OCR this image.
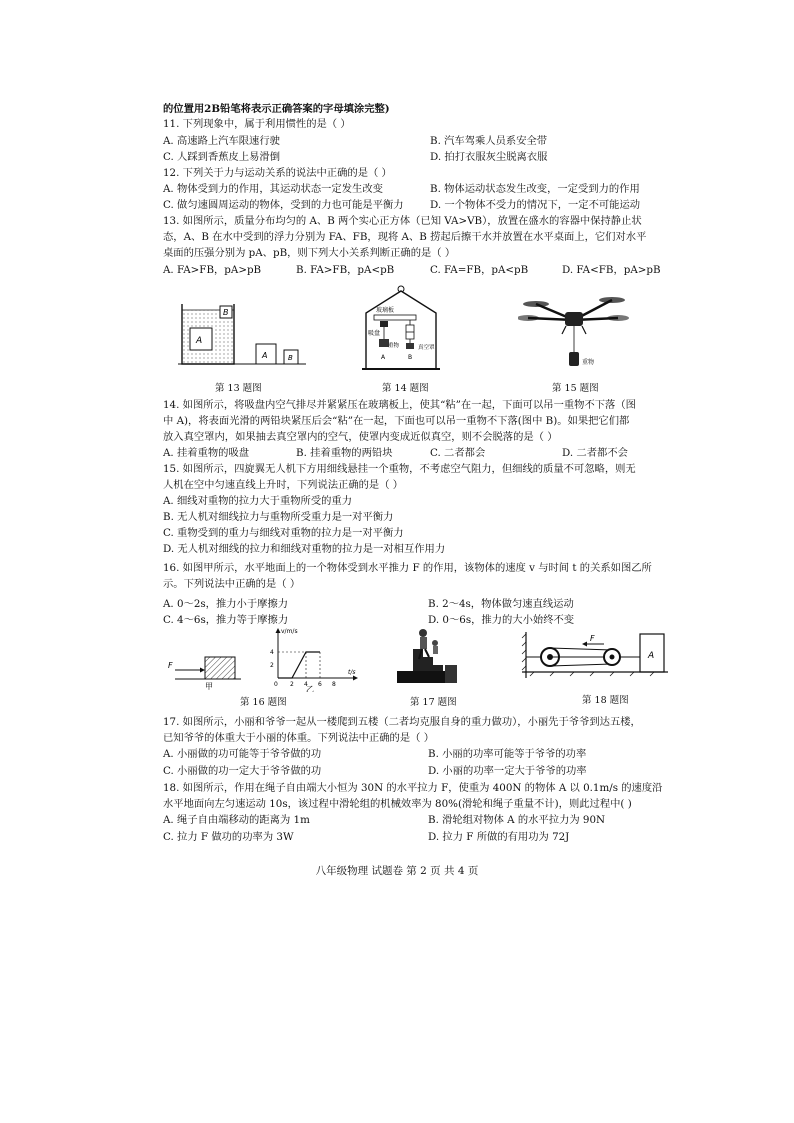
的位置用2B铅笔将表示正确答案的字母填涂完整)
11. 下列现象中，属于利用惯性的是（ ）
A. 高速路上汽车限速行驶	B. 汽车驾乘人员系安全带
C. 人踩到香蕉皮上易滑倒	D. 拍打衣服灰尘脱离衣服
12. 下列关于力与运动关系的说法中正确的是（ ）
A. 物体受到力的作用，其运动状态一定发生改变	B. 物体运动状态发生改变，一定受到力的作用
C. 做匀速圆周运动的物体，受到的力也可能是平衡力	D. 一个物体不受力的情况下，一定不可能运动
13. 如图所示，质量分布均匀的 A、B 两个实心正方体（已知 VA>VB），放置在盛水的容器中保持静止状
态，A、B 在水中受到的浮力分别为 FA、FB，现将 A、B 捞起后擦干水并放置在水平桌面上，它们对水平
桌面的压强分别为 pA、pB，则下列大小关系判断正确的是（ ）
A. FA>FB，pA>pB	B. FA>FB，pA<pB	C. FA=FB，pA<pB	D. FA<FB，pA>pB
A
B
A	B
第 13 题图
玻璃板
吸盘
重物
A	B
真空罩
第 14 题图
重物
第 15 题图
14. 如图所示，将吸盘内空气排尽并紧紧压在玻璃板上，使其“粘”在一起，下面可以吊一重物不下落（图
中 A)，将表面光滑的两铅块紧压后会“粘”在一起，下面也可以吊一重物不下落(图中 B)。如果把它们都
放入真空罩内，如果抽去真空罩内的空气，使罩内变成近似真空，则不会脱落的是（ ）
A. 挂着重物的吸盘	B. 挂着重物的两铅块	C. 二者都会	D. 二者都不会
15. 如图所示，四旋翼无人机下方用细线悬挂一个重物，不考虑空气阻力，但细线的质量不可忽略，则无
人机在空中匀速直线上升时，下列说法正确的是（ ）
A. 细线对重物的拉力大于重物所受的重力
B. 无人机对细线拉力与重物所受重力是一对平衡力
C. 重物受到的重力与细线对重物的拉力是一对平衡力
D. 无人机对细线的拉力和细线对重物的拉力是一对相互作用力
16. 如图甲所示，水平地面上的一个物体受到水平推力 F 的作用，该物体的速度 v 与时间 t 的关系如图乙所
示。下列说法中正确的是（ ）
A. 0～2s，推力小于摩擦力	B. 2～4s，物体做匀速直线运动
C. 4～6s，推力等于摩擦力	D. 0～6s，推力的大小始终不变
F
甲
v/m/s
t/s
4
2
0 2 4 6 8
乙
第 16 题图	第 17 题图
F
A
第 18 题图
17. 如图所示，小丽和爷爷一起从一楼爬到五楼（二者均克服自身的重力做功），小丽先于爷爷到达五楼，
已知爷爷的体重大于小丽的体重。下列说法中正确的是（ ）
A. 小丽做的功可能等于爷爷做的功	B. 小丽的功率可能等于爷爷的功率
C. 小丽做的功一定大于爷爷做的功	D. 小丽的功率一定大于爷爷的功率
18. 如图所示，作用在绳子自由端大小恒为 30N 的水平拉力 F，使重为 400N 的物体 A 以 0.1m/s 的速度沿
水平地面向左匀速运动 10s，该过程中滑轮组的机械效率为 80%(滑轮和绳子重量不计)，则此过程中( )
A. 绳子自由端移动的距离为 1m	B. 滑轮组对物体 A 的水平拉力为 90N
C. 拉力 F 做功的功率为 3W	D. 拉力 F 所做的有用功为 72J
八年级物理 试题卷 第 2 页 共 4 页
